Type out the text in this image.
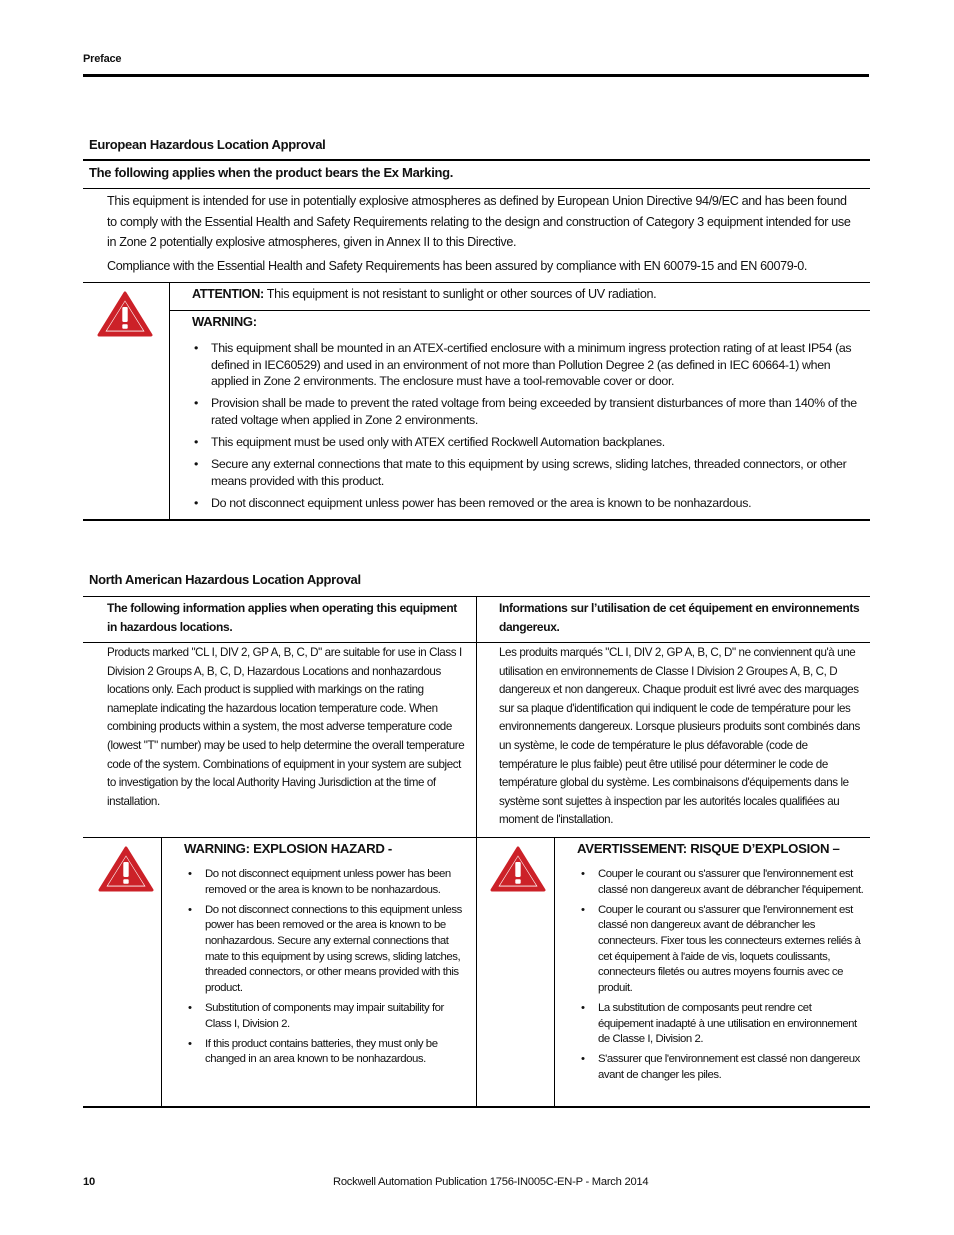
Preface
European Hazardous Location Approval
The following applies when the product bears the Ex Marking.
This equipment is intended for use in potentially explosive atmospheres as defined by European Union Directive 94/9/EC and has been found to comply with the Essential Health and Safety Requirements relating to the design and construction of Category 3 equipment intended for use in Zone 2 potentially explosive atmospheres, given in Annex II to this Directive.
Compliance with the Essential Health and Safety Requirements has been assured by compliance with EN 60079-15 and EN 60079-0.
ATTENTION: This equipment is not resistant to sunlight or other sources of UV radiation.
WARNING:
• This equipment shall be mounted in an ATEX-certified enclosure with a minimum ingress protection rating of at least IP54 (as defined in IEC60529) and used in an environment of not more than Pollution Degree 2 (as defined in IEC 60664-1) when applied in Zone 2 environments. The enclosure must have a tool-removable cover or door.
• Provision shall be made to prevent the rated voltage from being exceeded by transient disturbances of more than 140% of the rated voltage when applied in Zone 2 environments.
• This equipment must be used only with ATEX certified Rockwell Automation backplanes.
• Secure any external connections that mate to this equipment by using screws, sliding latches, threaded connectors, or other means provided with this product.
• Do not disconnect equipment unless power has been removed or the area is known to be nonhazardous.
North American Hazardous Location Approval
The following information applies when operating this equipment in hazardous locations.
Informations sur l’utilisation de cet équipement en environnements dangereux.
Products marked "CL I, DIV 2, GP A, B, C, D" are suitable for use in Class I Division 2 Groups A, B, C, D, Hazardous Locations and nonhazardous locations only. Each product is supplied with markings on the rating nameplate indicating the hazardous location temperature code. When combining products within a system, the most adverse temperature code (lowest "T" number) may be used to help determine the overall temperature code of the system. Combinations of equipment in your system are subject to investigation by the local Authority Having Jurisdiction at the time of installation.
Les produits marqués "CL I, DIV 2, GP A, B, C, D" ne conviennent qu'à une utilisation en environnements de Classe I Division 2 Groupes A, B, C, D dangereux et non dangereux. Chaque produit est livré avec des marquages sur sa plaque d'identification qui indiquent le code de température pour les environnements dangereux. Lorsque plusieurs produits sont combinés dans un système, le code de température le plus défavorable (code de température le plus faible) peut être utilisé pour déterminer le code de température global du système. Les combinaisons d'équipements dans le système sont sujettes à inspection par les autorités locales qualifiées au moment de l'installation.
WARNING: EXPLOSION HAZARD -	AVERTISSEMENT: RISQUE D’EXPLOSION –
• Do not disconnect equipment unless power has been removed or the area is known to be nonhazardous.
• Do not disconnect connections to this equipment unless power has been removed or the area is known to be nonhazardous. Secure any external connections that mate to this equipment by using screws, sliding latches, threaded connectors, or other means provided with this product.
• Substitution of components may impair suitability for Class I, Division 2.
• If this product contains batteries, they must only be changed in an area known to be nonhazardous.
• Couper le courant ou s'assurer que l'environnement est classé non dangereux avant de débrancher l'équipement.
• Couper le courant ou s'assurer que l'environnement est classé non dangereux avant de débrancher les connecteurs. Fixer tous les connecteurs externes reliés à cet équipement à l'aide de vis, loquets coulissants, connecteurs filetés ou autres moyens fournis avec ce produit.
• La substitution de composants peut rendre cet équipement inadapté à une utilisation en environnement de Classe I, Division 2.
• S'assurer que l'environnement est classé non dangereux avant de changer les piles.
10	Rockwell Automation Publication 1756-IN005C-EN-P - March 2014
